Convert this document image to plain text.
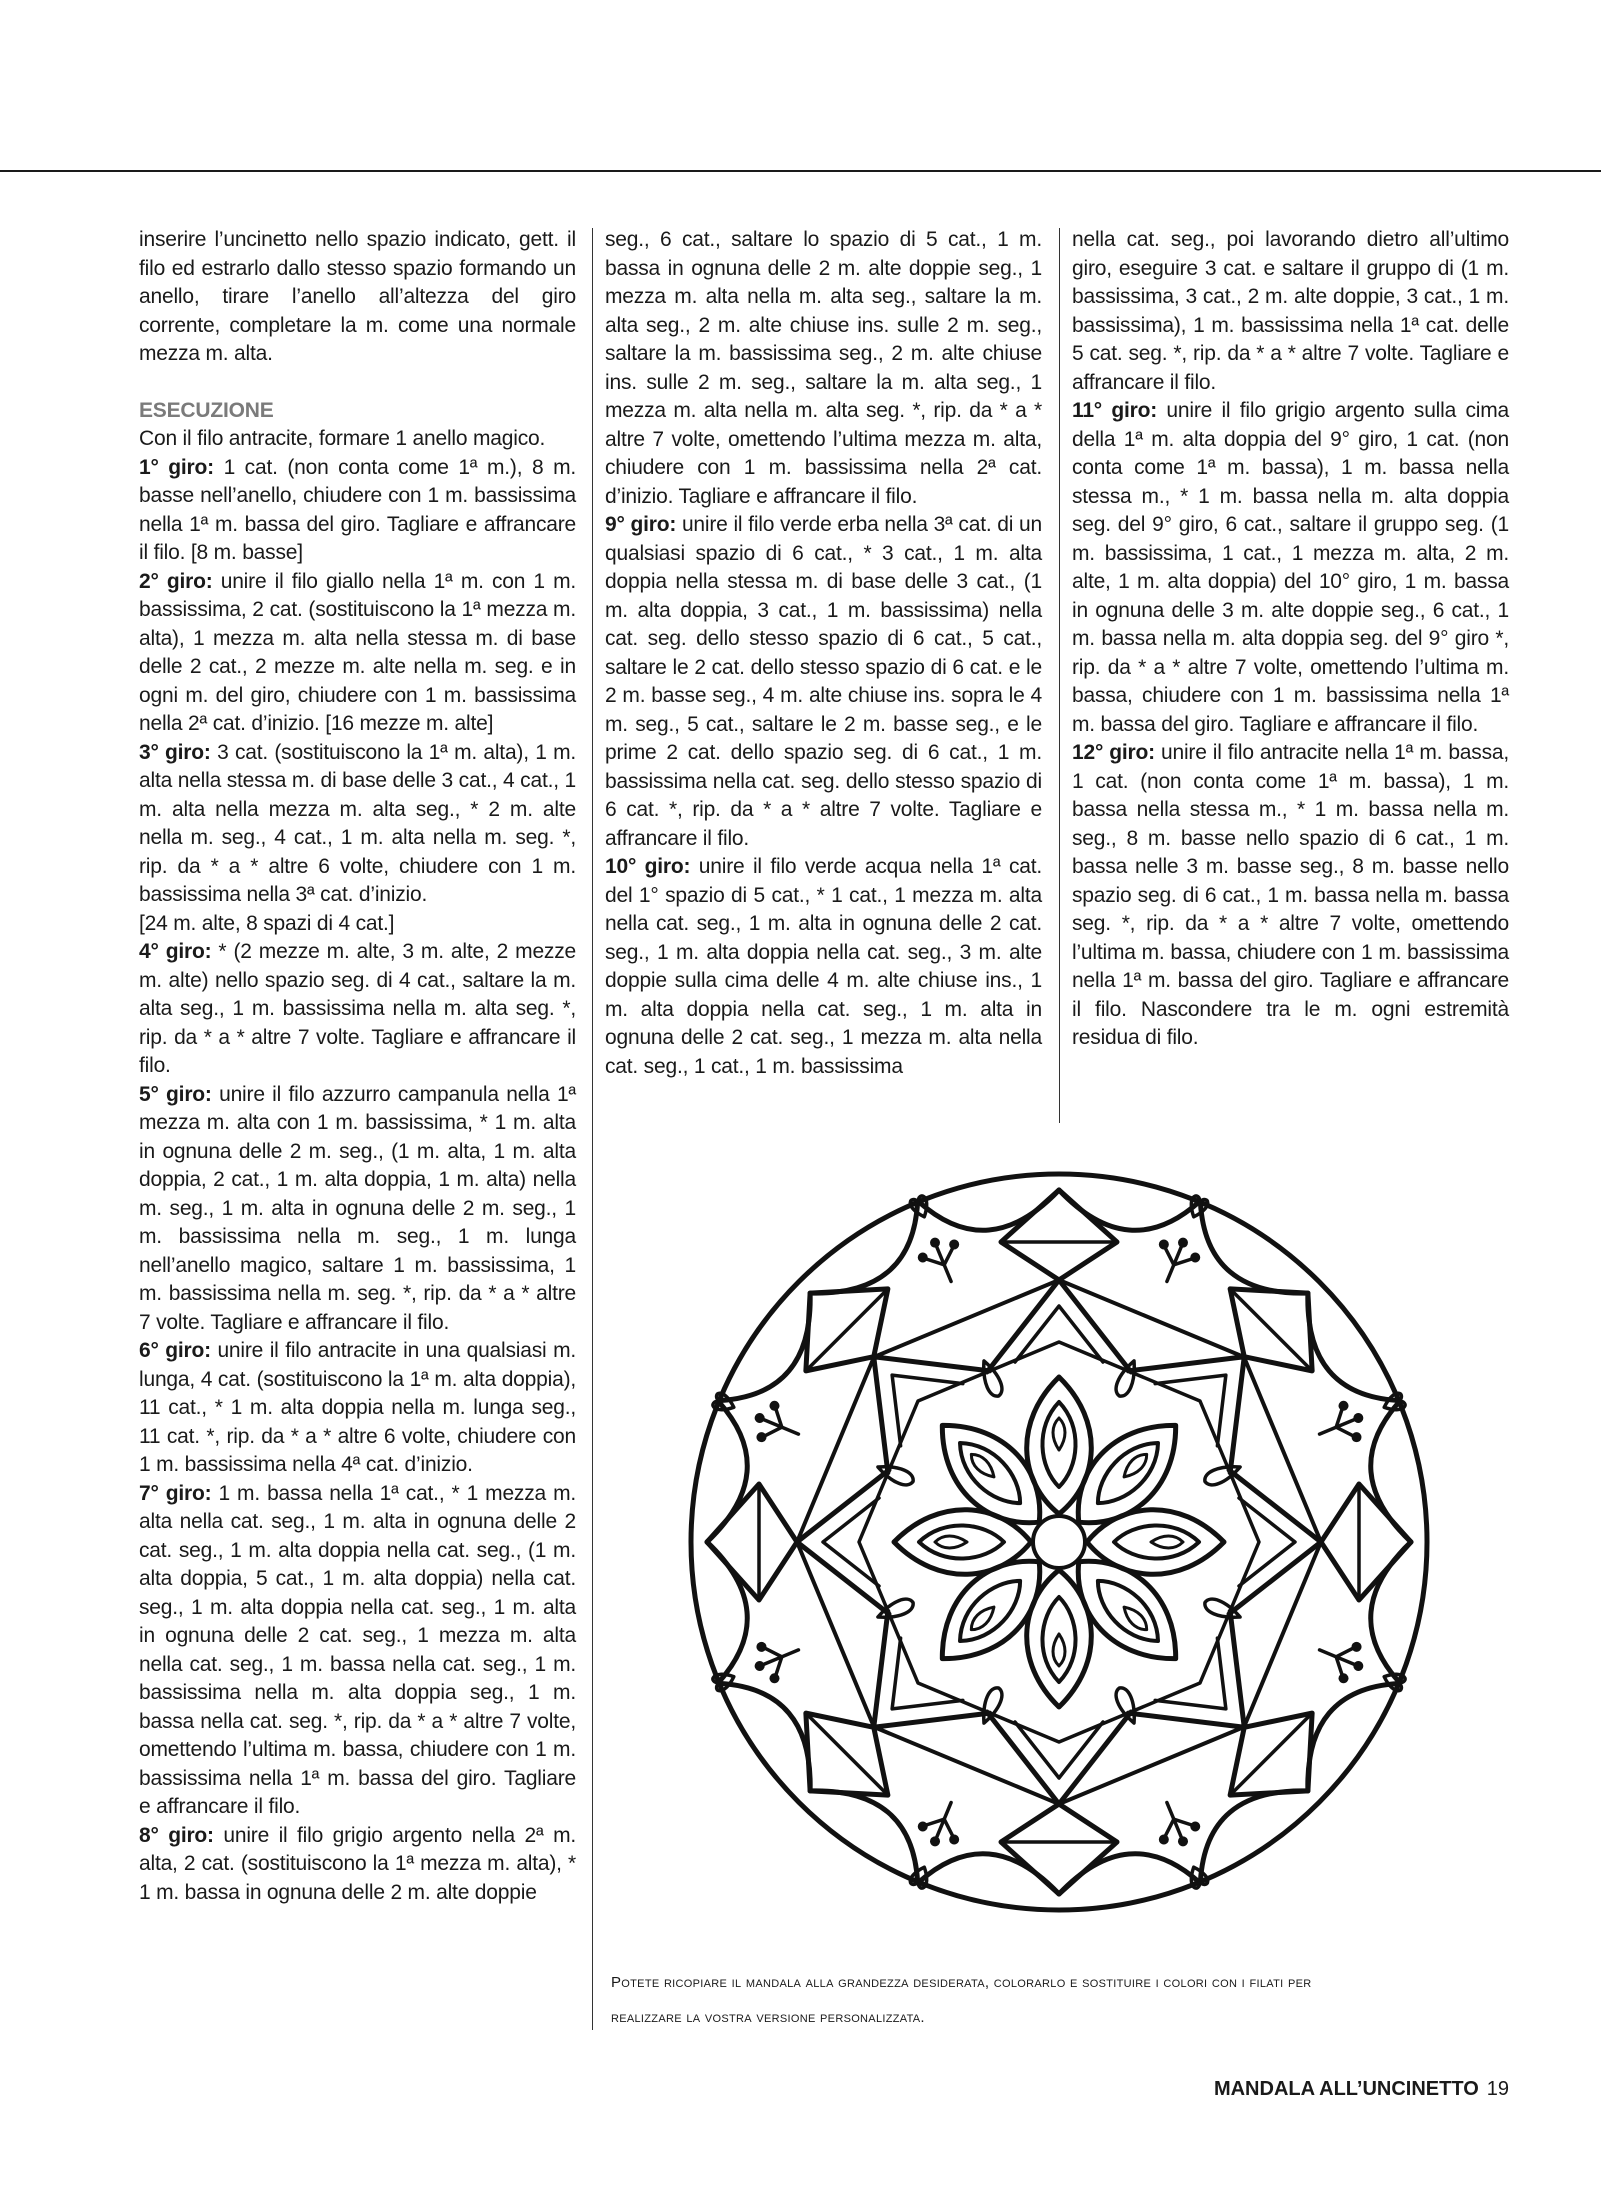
inserire l’uncinetto nello spazio indicato, gett. il filo ed estrarlo dallo stesso spazio formando un anello, tirare l’anello all’altezza del giro corrente, completare la m. come una normale mezza m. alta.

ESECUZIONE

Con il filo antracite, formare 1 anello magico.

1° giro: 1 cat. (non conta come 1ª m.), 8 m. basse nell’anello, chiudere con 1 m. bassissima nella 1ª m. bassa del giro. Tagliare e affrancare il filo. [8 m. basse]

2° giro: unire il filo giallo nella 1ª m. con 1 m. bassissima, 2 cat. (sostituiscono la 1ª mezza m. alta), 1 mezza m. alta nella stessa m. di base delle 2 cat., 2 mezze m. alte nella m. seg. e in ogni m. del giro, chiudere con 1 m. bassissima nella 2ª cat. d’inizio. [16 mezze m. alte]

3° giro: 3 cat. (sostituiscono la 1ª m. alta), 1 m. alta nella stessa m. di base delle 3 cat., 4 cat., 1 m. alta nella mezza m. alta seg., * 2 m. alte nella m. seg., 4 cat., 1 m. alta nella m. seg. *, rip. da * a * altre 6 volte, chiudere con 1 m. bassissima nella 3ª cat. d’inizio.

[24 m. alte, 8 spazi di 4 cat.]

4° giro: * (2 mezze m. alte, 3 m. alte, 2 mezze m. alte) nello spazio seg. di 4 cat., saltare la m. alta seg., 1 m. bassissima nella m. alta seg. *, rip. da * a * altre 7 volte. Tagliare e affrancare il filo.

5° giro: unire il filo azzurro campanula nella 1ª mezza m. alta con 1 m. bassissima, * 1 m. alta in ognuna delle 2 m. seg., (1 m. alta, 1 m. alta doppia, 2 cat., 1 m. alta doppia, 1 m. alta) nella m. seg., 1 m. alta in ognuna delle 2 m. seg., 1 m. bassissima nella m. seg., 1 m. lunga nell’anello magico, saltare 1 m. bassissima, 1 m. bassissima nella m. seg. *, rip. da * a * altre 7 volte. Tagliare e affrancare il filo.

6° giro: unire il filo antracite in una qualsiasi m. lunga, 4 cat. (sostituiscono la 1ª m. alta doppia), 11 cat., * 1 m. alta doppia nella m. lunga seg., 11 cat. *, rip. da * a * altre 6 volte, chiudere con 1 m. bassissima nella 4ª cat. d’inizio.

7° giro: 1 m. bassa nella 1ª cat., * 1 mezza m. alta nella cat. seg., 1 m. alta in ognuna delle 2 cat. seg., 1 m. alta doppia nella cat. seg., (1 m. alta doppia, 5 cat., 1 m. alta doppia) nella cat. seg., 1 m. alta doppia nella cat. seg., 1 m. alta in ognuna delle 2 cat. seg., 1 mezza m. alta nella cat. seg., 1 m. bassa nella cat. seg., 1 m. bassissima nella m. alta doppia seg., 1 m. bassa nella cat. seg. *, rip. da * a * altre 7 volte, omettendo l’ultima m. bassa, chiudere con 1 m. bassissima nella 1ª m. bassa del giro. Tagliare e affrancare il filo.

8° giro: unire il filo grigio argento nella 2ª m. alta, 2 cat. (sostituiscono la 1ª mezza m. alta), * 1 m. bassa in ognuna delle 2 m. alte doppie

seg., 6 cat., saltare lo spazio di 5 cat., 1 m. bassa in ognuna delle 2 m. alte doppie seg., 1 mezza m. alta nella m. alta seg., saltare la m. alta seg., 2 m. alte chiuse ins. sulle 2 m. seg., saltare la m. bassissima seg., 2 m. alte chiuse ins. sulle 2 m. seg., saltare la m. alta seg., 1 mezza m. alta nella m. alta seg. *, rip. da * a * altre 7 volte, omettendo l’ultima mezza m. alta, chiudere con 1 m. bassissima nella 2ª cat. d’inizio. Tagliare e affrancare il filo.

9° giro: unire il filo verde erba nella 3ª cat. di un qualsiasi spazio di 6 cat., * 3 cat., 1 m. alta doppia nella stessa m. di base delle 3 cat., (1 m. alta doppia, 3 cat., 1 m. bassissima) nella cat. seg. dello stesso spazio di 6 cat., 5 cat., saltare le 2 cat. dello stesso spazio di 6 cat. e le 2 m. basse seg., 4 m. alte chiuse ins. sopra le 4 m. seg., 5 cat., saltare le 2 m. basse seg., e le prime 2 cat. dello spazio seg. di 6 cat., 1 m. bassissima nella cat. seg. dello stesso spazio di 6 cat. *, rip. da * a * altre 7 volte. Tagliare e affrancare il filo.

10° giro: unire il filo verde acqua nella 1ª cat. del 1° spazio di 5 cat., * 1 cat., 1 mezza m. alta nella cat. seg., 1 m. alta in ognuna delle 2 cat. seg., 1 m. alta doppia nella cat. seg., 3 m. alte doppie sulla cima delle 4 m. alte chiuse ins., 1 m. alta doppia nella cat. seg., 1 m. alta in ognuna delle 2 cat. seg., 1 mezza m. alta nella cat. seg., 1 cat., 1 m. bassissima

nella cat. seg., poi lavorando dietro all’ultimo giro, eseguire 3 cat. e saltare il gruppo di (1 m. bassissima, 3 cat., 2 m. alte doppie, 3 cat., 1 m. bassissima), 1 m. bassissima nella 1ª cat. delle 5 cat. seg. *, rip. da * a * altre 7 volte. Tagliare e affrancare il filo.

11° giro: unire il filo grigio argento sulla cima della 1ª m. alta doppia del 9° giro, 1 cat. (non conta come 1ª m. bassa), 1 m. bassa nella stessa m., * 1 m. bassa nella m. alta doppia seg. del 9° giro, 6 cat., saltare il gruppo seg. (1 m. bassissima, 1 cat., 1 mezza m. alta, 2 m. alte, 1 m. alta doppia) del 10° giro, 1 m. bassa in ognuna delle 3 m. alte doppie seg., 6 cat., 1 m. bassa nella m. alta doppia seg. del 9° giro *, rip. da * a * altre 7 volte, omettendo l’ultima m. bassa, chiudere con 1 m. bassissima nella 1ª m. bassa del giro. Tagliare e affrancare il filo.

12° giro: unire il filo antracite nella 1ª m. bassa, 1 cat. (non conta come 1ª m. bassa), 1 m. bassa nella stessa m., * 1 m. bassa nella m. seg., 8 m. basse nello spazio di 6 cat., 1 m. bassa nelle 3 m. basse seg., 8 m. basse nello spazio seg. di 6 cat., 1 m. bassa nella m. bassa seg. *, rip. da * a * altre 7 volte, omettendo l’ultima m. bassa, chiudere con 1 m. bassissima nella 1ª m. bassa del giro. Tagliare e affrancare il filo. Nascondere tra le m. ogni estremità residua di filo.

Potete ricopiare il mandala alla grandezza desiderata, colorarlo e sostituire i colori con i filati per
realizzare la vostra versione personalizzata.
MANDALA ALL’UNCINETTO 19
